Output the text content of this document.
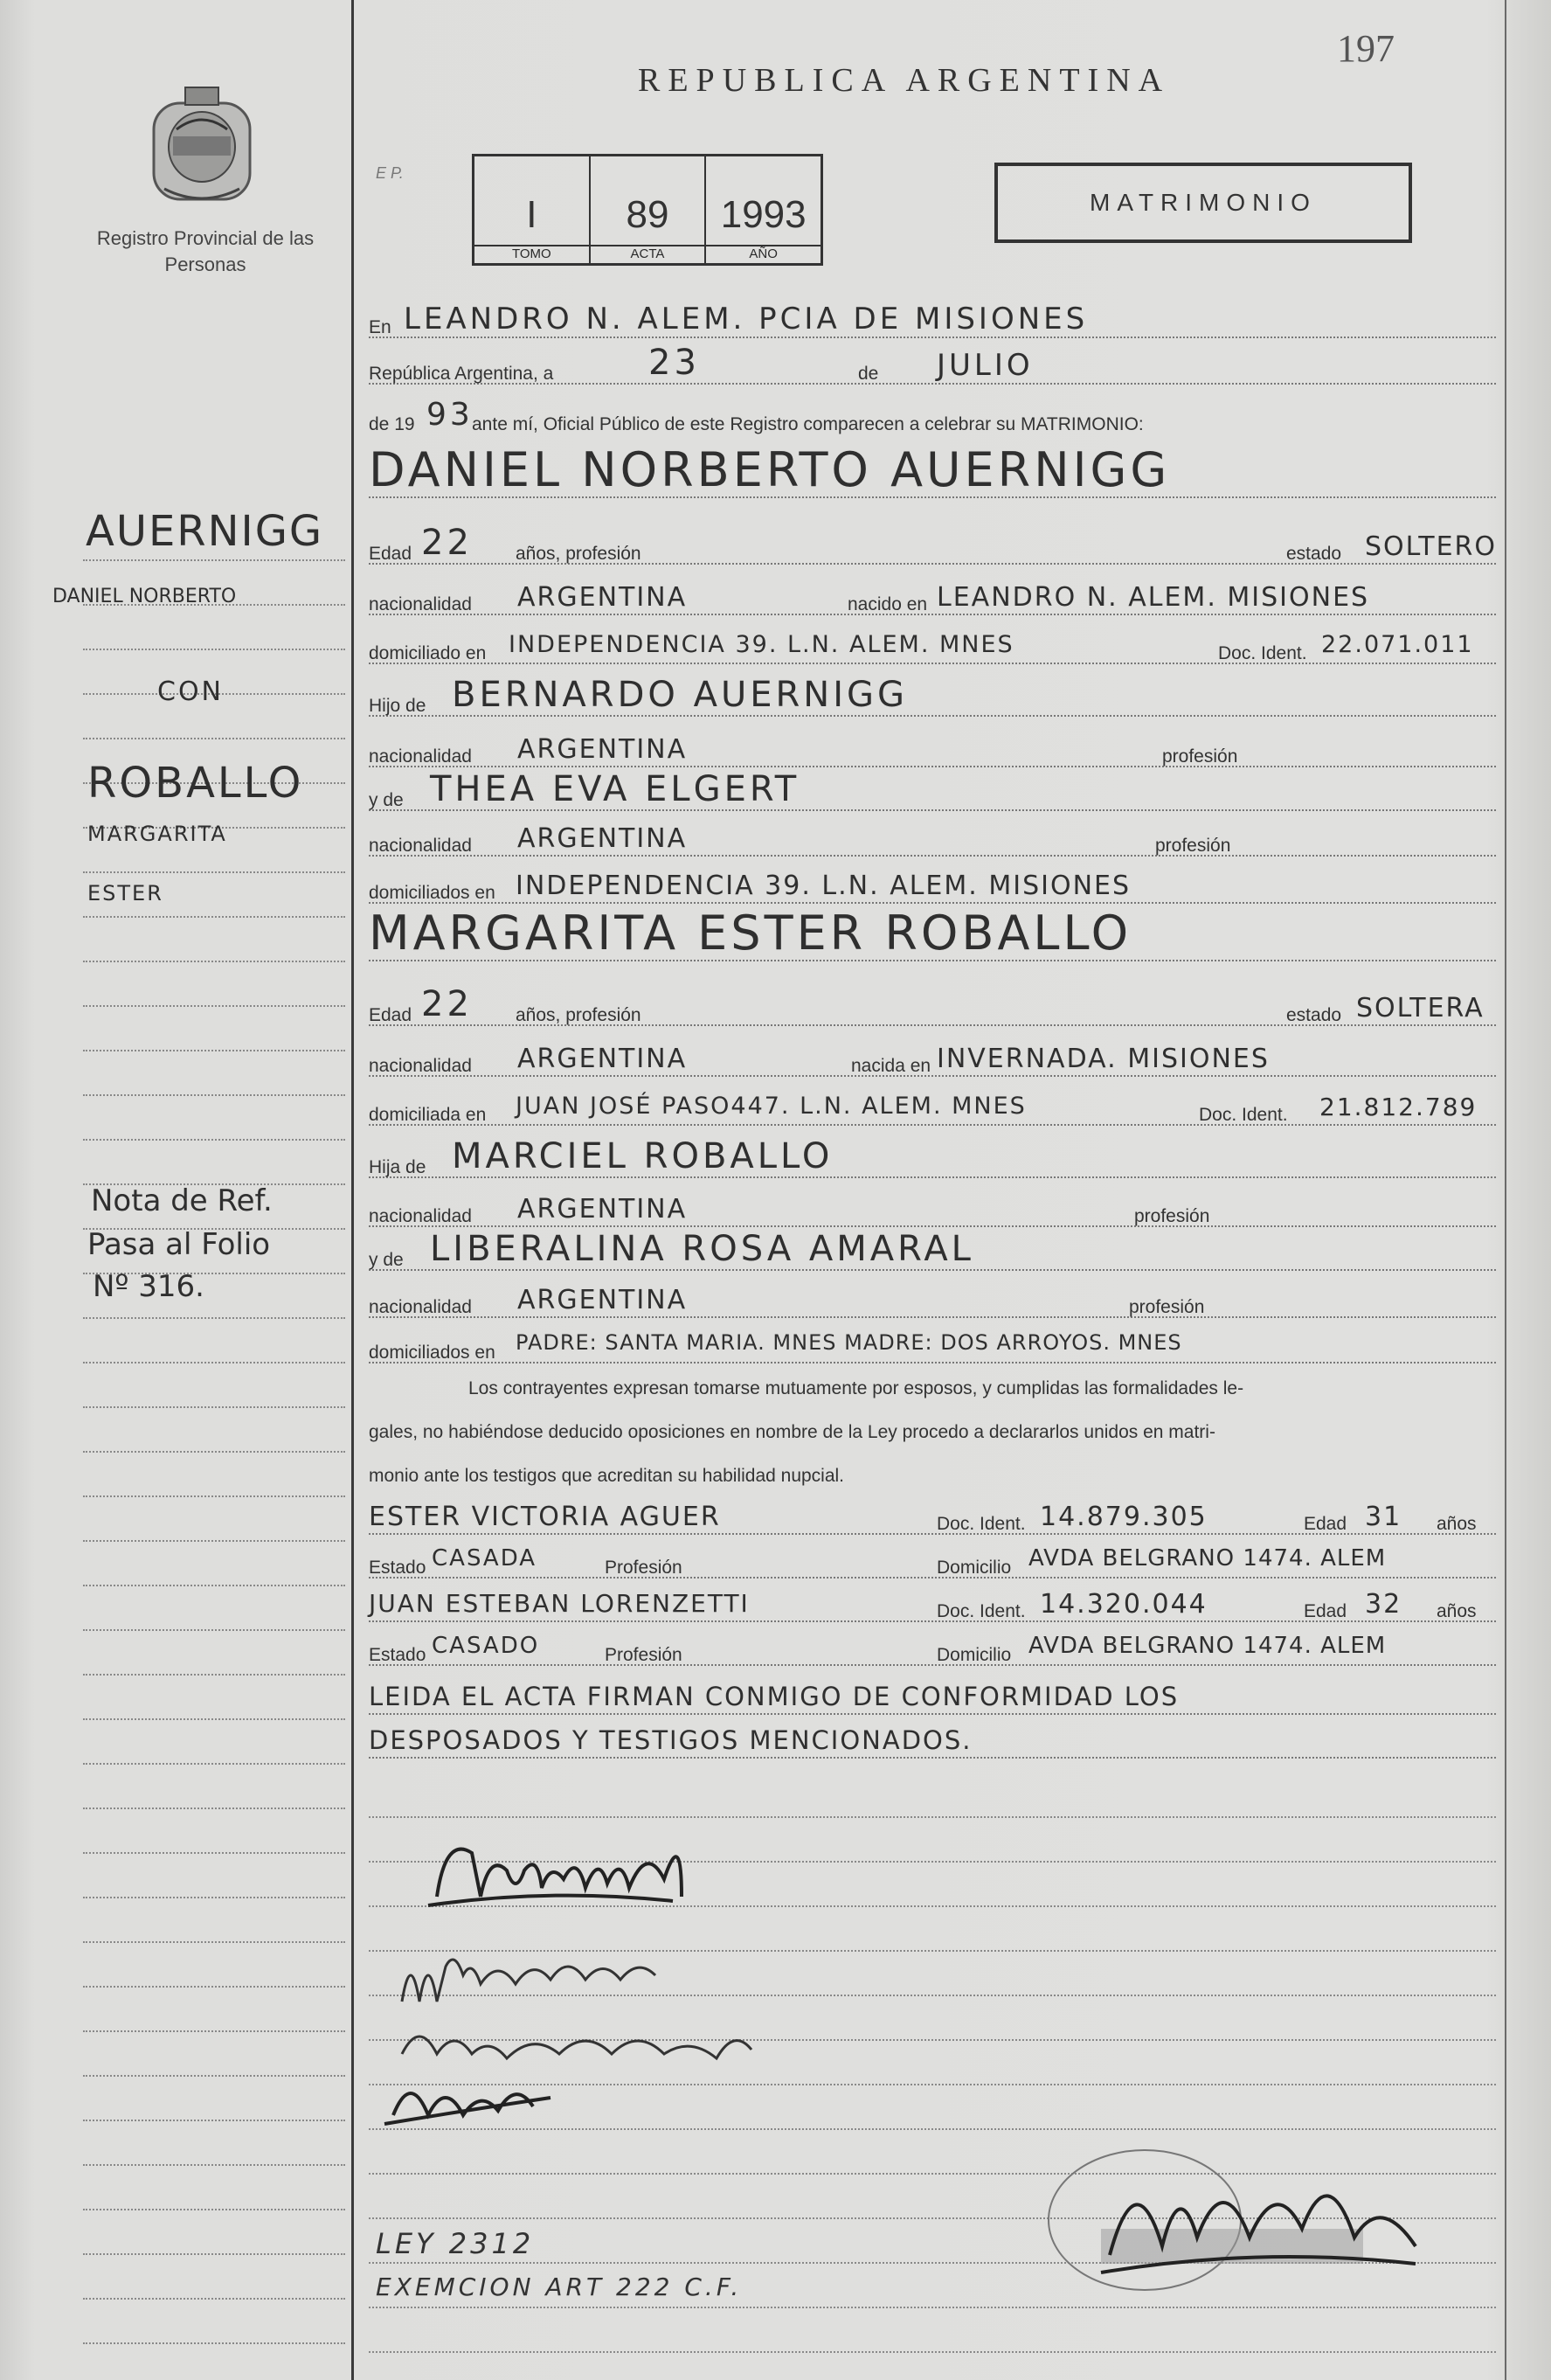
197
REPUBLICA ARGENTINA
Registro Provincial de las Personas
E P.
I
TOMO
89
ACTA
1993
AÑO
MATRIMONIO
En LEANDRO N. ALEM. PCIA DE MISIONES
República Argentina, a	23	de JULIO
de 19 93
ante mí, Oficial Público de este Registro comparecen a celebrar su MATRIMONIO:
DANIEL NORBERTO AUERNIGG
Edad 22 años, profesión	estado SOLTERO
nacionalidad ARGENTINA	nacido en LEANDRO N. ALEM. MISIONES
domiciliado en INDEPENDENCIA 39. L.N. ALEM. MNES	Doc. Ident. 22.071.011
Hijo de BERNARDO AUERNIGG
nacionalidad ARGENTINA	profesión
y de THEA EVA ELGERT
nacionalidad ARGENTINA	profesión
domiciliados en INDEPENDENCIA 39. L.N. ALEM. MISIONES
MARGARITA ESTER ROBALLO
Edad 22 años, profesión	estado SOLTERA
nacionalidad ARGENTINA	nacida en INVERNADA. MISIONES
domiciliada en JUAN JOSÉ PASO447. L.N. ALEM. MNES	Doc. Ident. 21.812.789
Hija de MARCIEL ROBALLO
nacionalidad ARGENTINA	profesión
y de LIBERALINA ROSA AMARAL
nacionalidad ARGENTINA	profesión
domiciliados en PADRE: SANTA MARIA. MNES MADRE: DOS ARROYOS. MNES
Los contrayentes expresan tomarse mutuamente por esposos, y cumplidas las formalidades le-
gales, no habiéndose deducido oposiciones en nombre de la Ley procedo a declararlos unidos en matri-
monio ante los testigos que acreditan su habilidad nupcial.
ESTER VICTORIA AGUER	Doc. Ident. 14.879.305	Edad 31 años
Estado CASADA	Profesión	Domicilio AVDA BELGRANO 1474. ALEM
JUAN ESTEBAN LORENZETTI	Doc. Ident. 14.320.044	Edad 32 años
Estado CASADO	Profesión	Domicilio AVDA BELGRANO 1474. ALEM
LEIDA EL ACTA FIRMAN CONMIGO DE CONFORMIDAD LOS
DESPOSADOS Y TESTIGOS MENCIONADOS.
LEY 2312
EXEMCION ART 222 C.F.
AUERNIGG
DANIEL NORBERTO
CON
ROBALLO
MARGARITA
ESTER
Nota de Ref.
Pasa al Folio
Nº 316.
